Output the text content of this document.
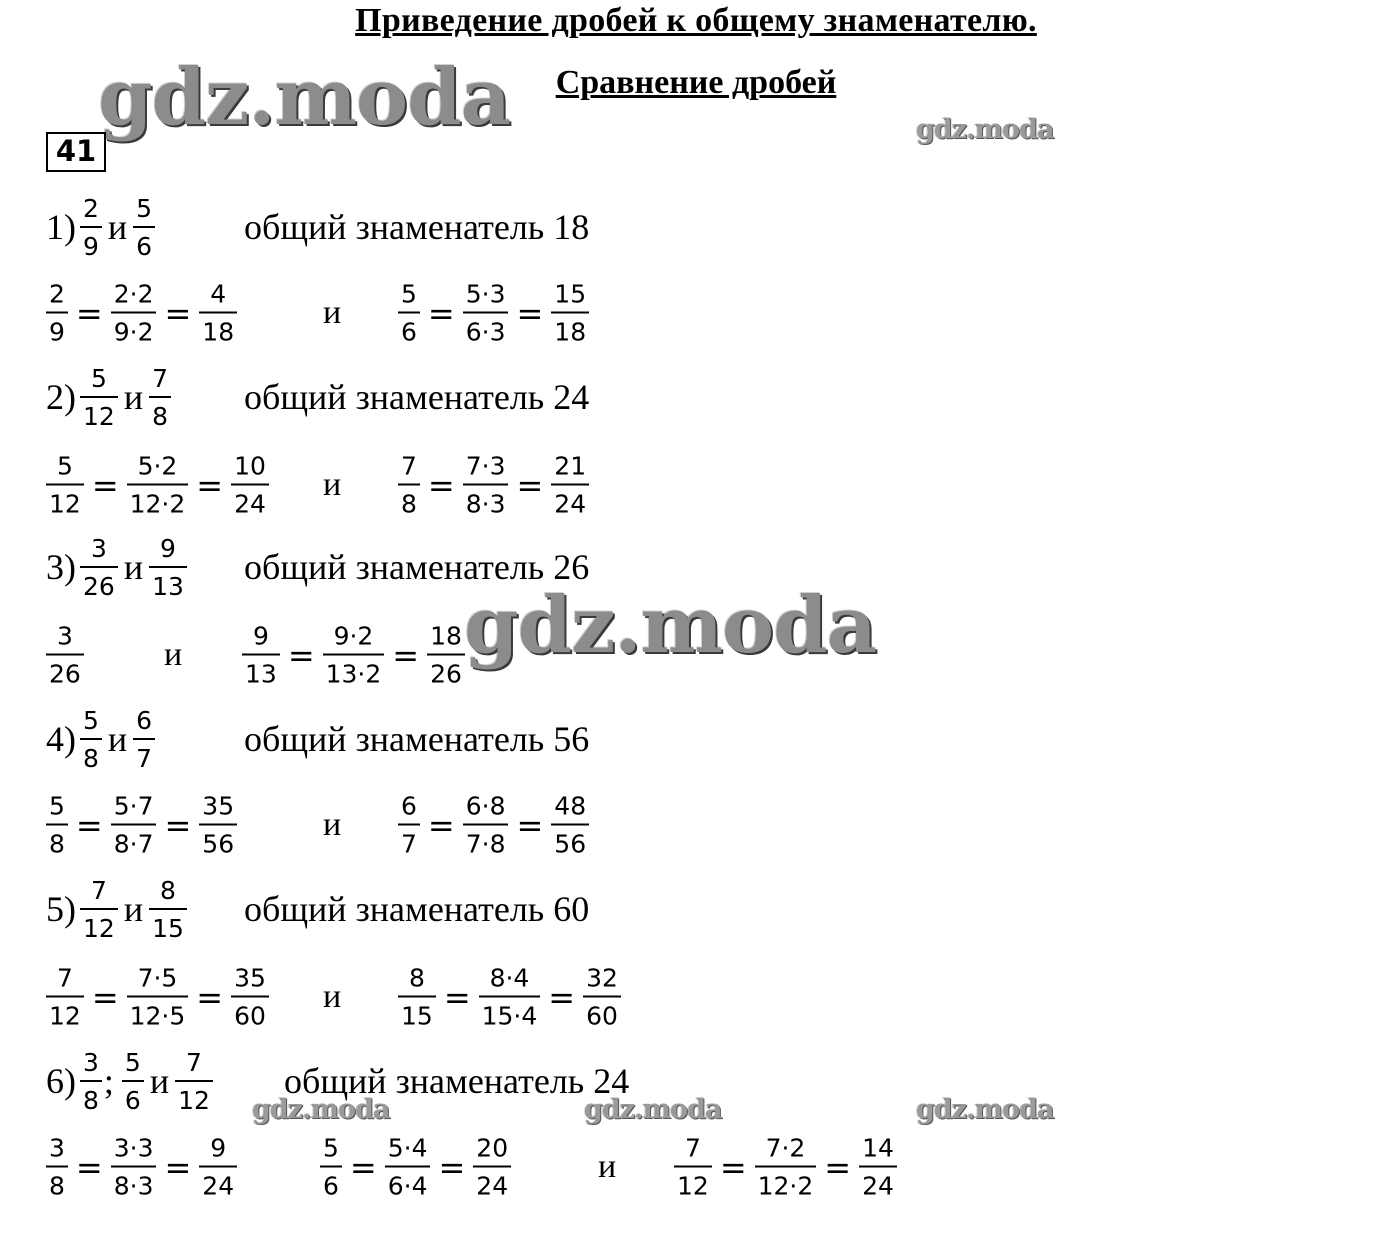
Приведение дробей к общему знаменателю.
Сравнение дробей
gdz.moda	gdz.moda
41
$1) \frac{2}{9}$ и $\frac{5}{6}$ общий знаменатель 18
$\frac{2}{9} = \frac{2\cdot 2}{9\cdot 2} = \frac{4}{18}$	и $\frac{5}{6} = \frac{5\cdot 3}{6\cdot 3} = \frac{15}{18}$
$2) \frac{5}{12}$ и $\frac{7}{8}$ общий знаменатель 24
$\frac{5}{12} = \frac{5\cdot 2}{12\cdot 2} = \frac{10}{24}$ и $\frac{7}{8} = \frac{7\cdot 3}{8\cdot 3} = \frac{21}{24}$
$3) \frac{3}{26}$ и $\frac{9}{13}$ общий знаменатель 26
$\frac{3}{26}$ и $\frac{9}{13} = \frac{9\cdot 2}{13\cdot 2} = \frac{18}{26}$ gdz.moda
$4) \frac{5}{8}$ и $\frac{6}{7}$ общий знаменатель 56
$\frac{5}{8} = \frac{5\cdot 7}{8\cdot 7} = \frac{35}{56}$	и $\frac{6}{7} = \frac{6\cdot 8}{7\cdot 8} = \frac{48}{56}$
$5) \frac{7}{12}$ и $\frac{8}{15}$ общий знаменатель 60
$\frac{7}{12} = \frac{7\cdot 5}{12\cdot 5} = \frac{35}{60}$ и $\frac{8}{15} = \frac{8\cdot 4}{15\cdot 4} = \frac{32}{60}$
$6) \frac{3}{8}$ ; $\frac{5}{6}$ и $\frac{7}{12}$ общий знаменатель 24
gdz.moda	gdz.moda	gdz.moda
$\frac{3}{8} = \frac{3\cdot 3}{8\cdot 3} = \frac{9}{24}$	$\frac{5}{6} = \frac{5\cdot 4}{6\cdot 4} = \frac{20}{24}$	и $\frac{7}{12} = \frac{7\cdot 2}{12\cdot 2} = \frac{14}{24}$
